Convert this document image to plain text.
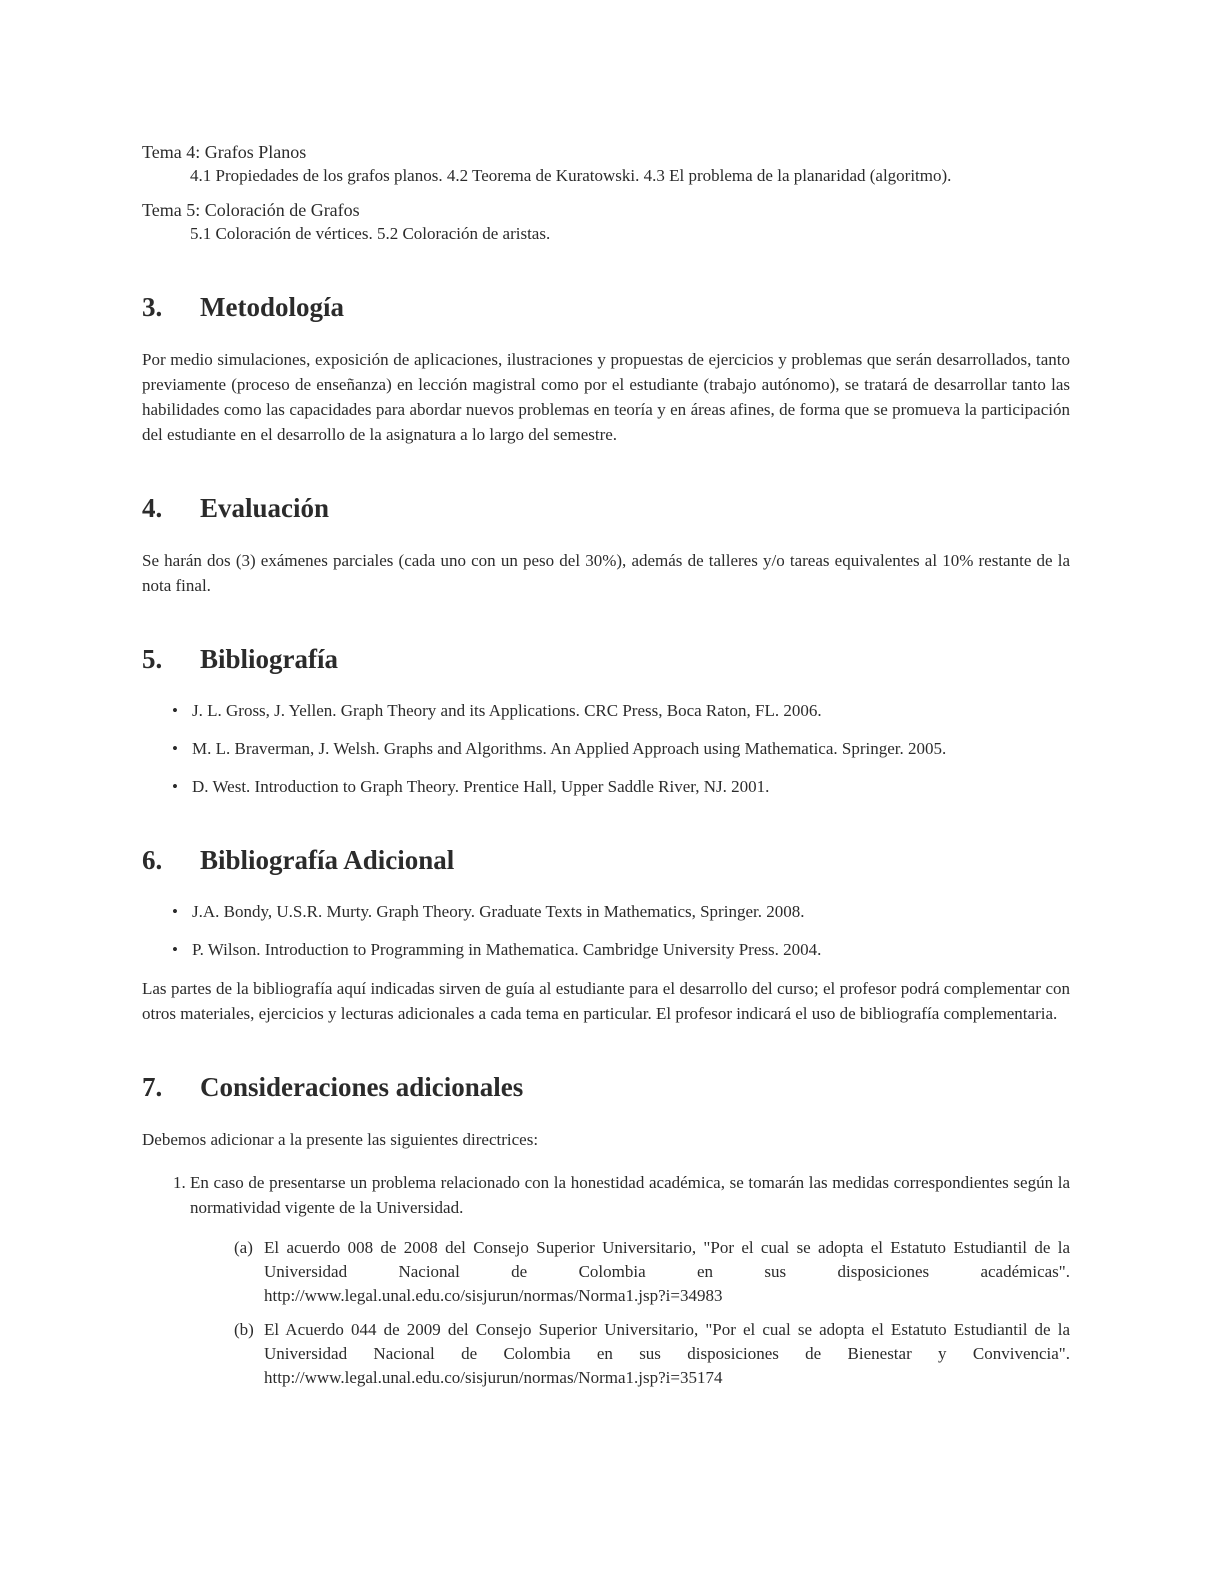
Tema 4: Grafos Planos
4.1 Propiedades de los grafos planos. 4.2 Teorema de Kuratowski. 4.3 El problema de la planaridad (algoritmo).
Tema 5: Coloración de Grafos
5.1 Coloración de vértices. 5.2 Coloración de aristas.
3.	Metodología

Por medio simulaciones, exposición de aplicaciones, ilustraciones y propuestas de ejercicios y problemas que serán desarrollados, tanto previamente (proceso de enseñanza) en lección magistral como por el estudiante (trabajo autónomo), se tratará de desarrollar tanto las habilidades como las capacidades para abordar nuevos problemas en teoría y en áreas afines, de forma que se promueva la participación del estudiante en el desarrollo de la asignatura a lo largo del semestre.

4.	Evaluación

Se harán dos (3) exámenes parciales (cada uno con un peso del 30%), además de talleres y/o tareas equivalentes al 10% restante de la nota final.

5.	Bibliografía
• J. L. Gross, J. Yellen. Graph Theory and its Applications. CRC Press, Boca Raton, FL. 2006.
• M. L. Braverman, J. Welsh. Graphs and Algorithms. An Applied Approach using Mathematica. Springer. 2005.
• D. West. Introduction to Graph Theory. Prentice Hall, Upper Saddle River, NJ. 2001.
6.	Bibliografía Adicional
• J.A. Bondy, U.S.R. Murty. Graph Theory. Graduate Texts in Mathematics, Springer. 2008.
• P. Wilson. Introduction to Programming in Mathematica. Cambridge University Press. 2004.

Las partes de la bibliografía aquí indicadas sirven de guía al estudiante para el desarrollo del curso; el profesor podrá complementar con otros materiales, ejercicios y lecturas adicionales a cada tema en particular. El profesor indicará el uso de bibliografía complementaria.

7.	Consideraciones adicionales

Debemos adicionar a la presente las siguientes directrices:

1. En caso de presentarse un problema relacionado con la honestidad académica, se tomarán las medidas correspondientes según la normatividad vigente de la Universidad.
(a) El acuerdo 008 de 2008 del Consejo Superior Universitario, "Por el cual se adopta el Estatuto Estudiantil de la Universidad Nacional de Colombia en sus disposiciones académicas". http://www.legal.unal.edu.co/sisjurun/normas/Norma1.jsp?i=34983
(b) El Acuerdo 044 de 2009 del Consejo Superior Universitario, "Por el cual se adopta el Estatuto Estudiantil de la Universidad Nacional de Colombia en sus disposiciones de Bienestar y Convivencia". http://www.legal.unal.edu.co/sisjurun/normas/Norma1.jsp?i=35174
